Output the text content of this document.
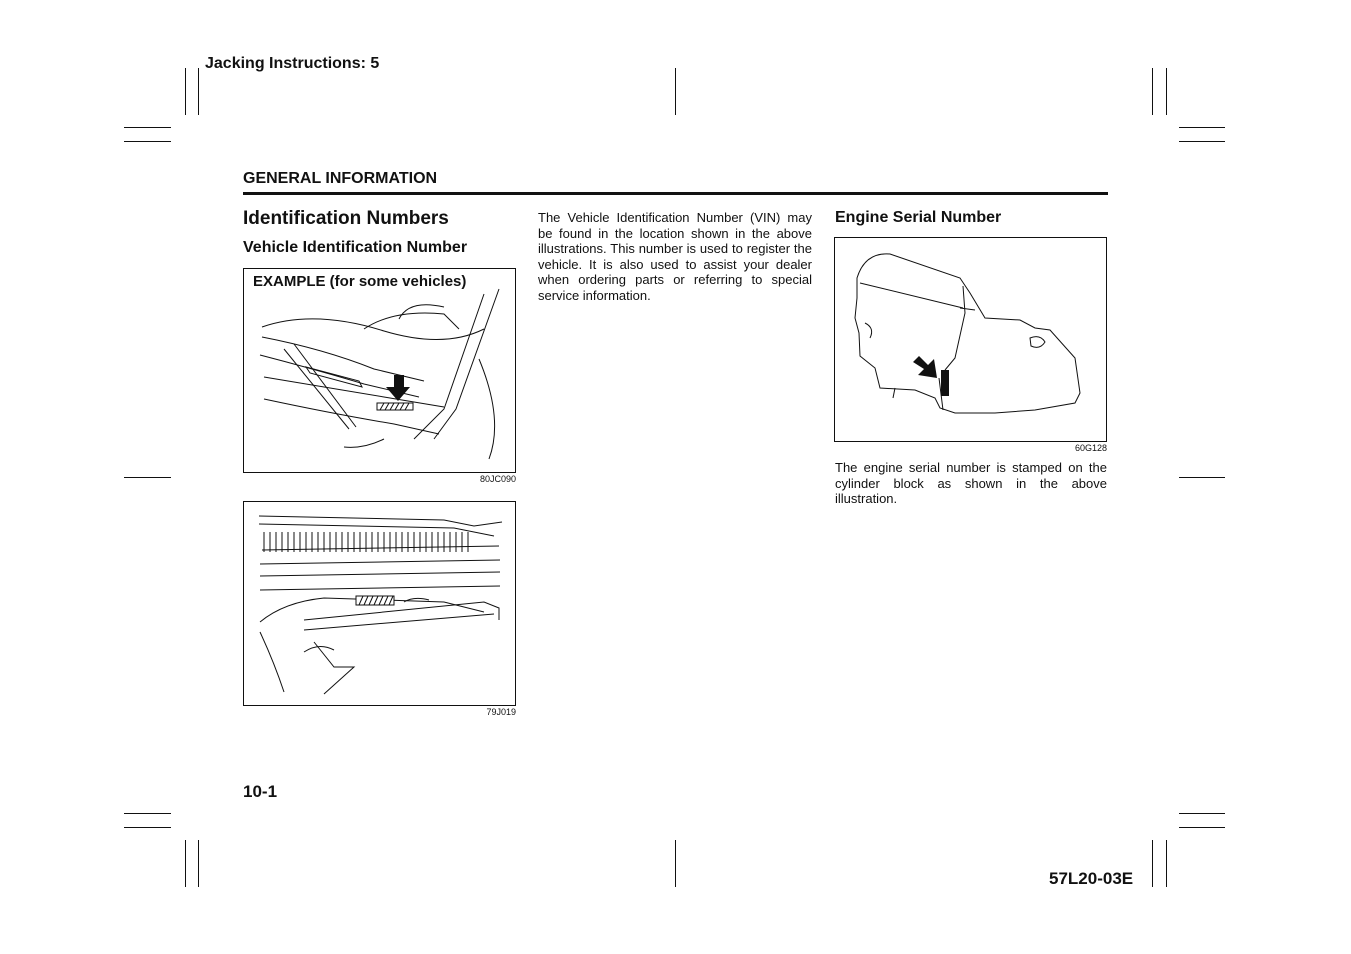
Jacking Instructions: 5
GENERAL INFORMATION
Identification Numbers
Vehicle Identification Number
EXAMPLE (for some vehicles)
80JC090
79J019
The Vehicle Identification Number (VIN) may be found in the location shown in the above illustrations. This number is used to register the vehicle. It is also used to assist your dealer when ordering parts or referring to special service information.
Engine Serial Number
60G128
The engine serial number is stamped on the cylinder block as shown in the above illustration.
10-1
57L20-03E
